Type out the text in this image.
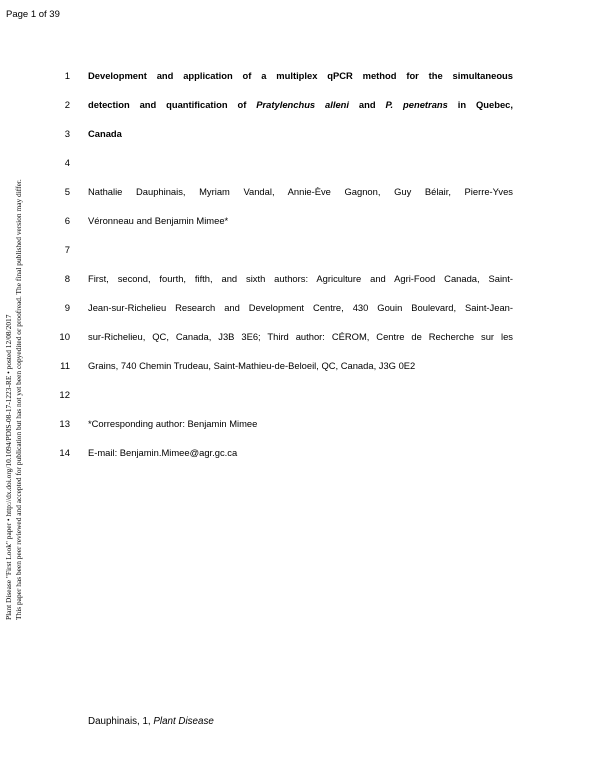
Page 1 of 39
Plant Disease "First Look" paper • http://dx.doi.org/10.1094/PDIS-08-17-1223-RE • posted 12/08/2017 This paper has been peer reviewed and accepted for publication but has not yet been copyedited or proofread. The final published version may differ.
1 Development and application of a multiplex qPCR method for the simultaneous
2 detection and quantification of Pratylenchus alleni and P. penetrans in Quebec,
3 Canada
4
5 Nathalie Dauphinais, Myriam Vandal, Annie-Ève Gagnon, Guy Bélair, Pierre-Yves
6 Véronneau and Benjamin Mimee*
7
8 First, second, fourth, fifth, and sixth authors: Agriculture and Agri-Food Canada, Saint-
9 Jean-sur-Richelieu Research and Development Centre, 430 Gouin Boulevard, Saint-Jean-
10 sur-Richelieu, QC, Canada, J3B 3E6; Third author: CÉROM, Centre de Recherche sur les
11 Grains, 740 Chemin Trudeau, Saint-Mathieu-de-Beloeil, QC, Canada, J3G 0E2
12
13 *Corresponding author: Benjamin Mimee
14 E-mail: Benjamin.Mimee@agr.gc.ca
Dauphinais, 1, Plant Disease
